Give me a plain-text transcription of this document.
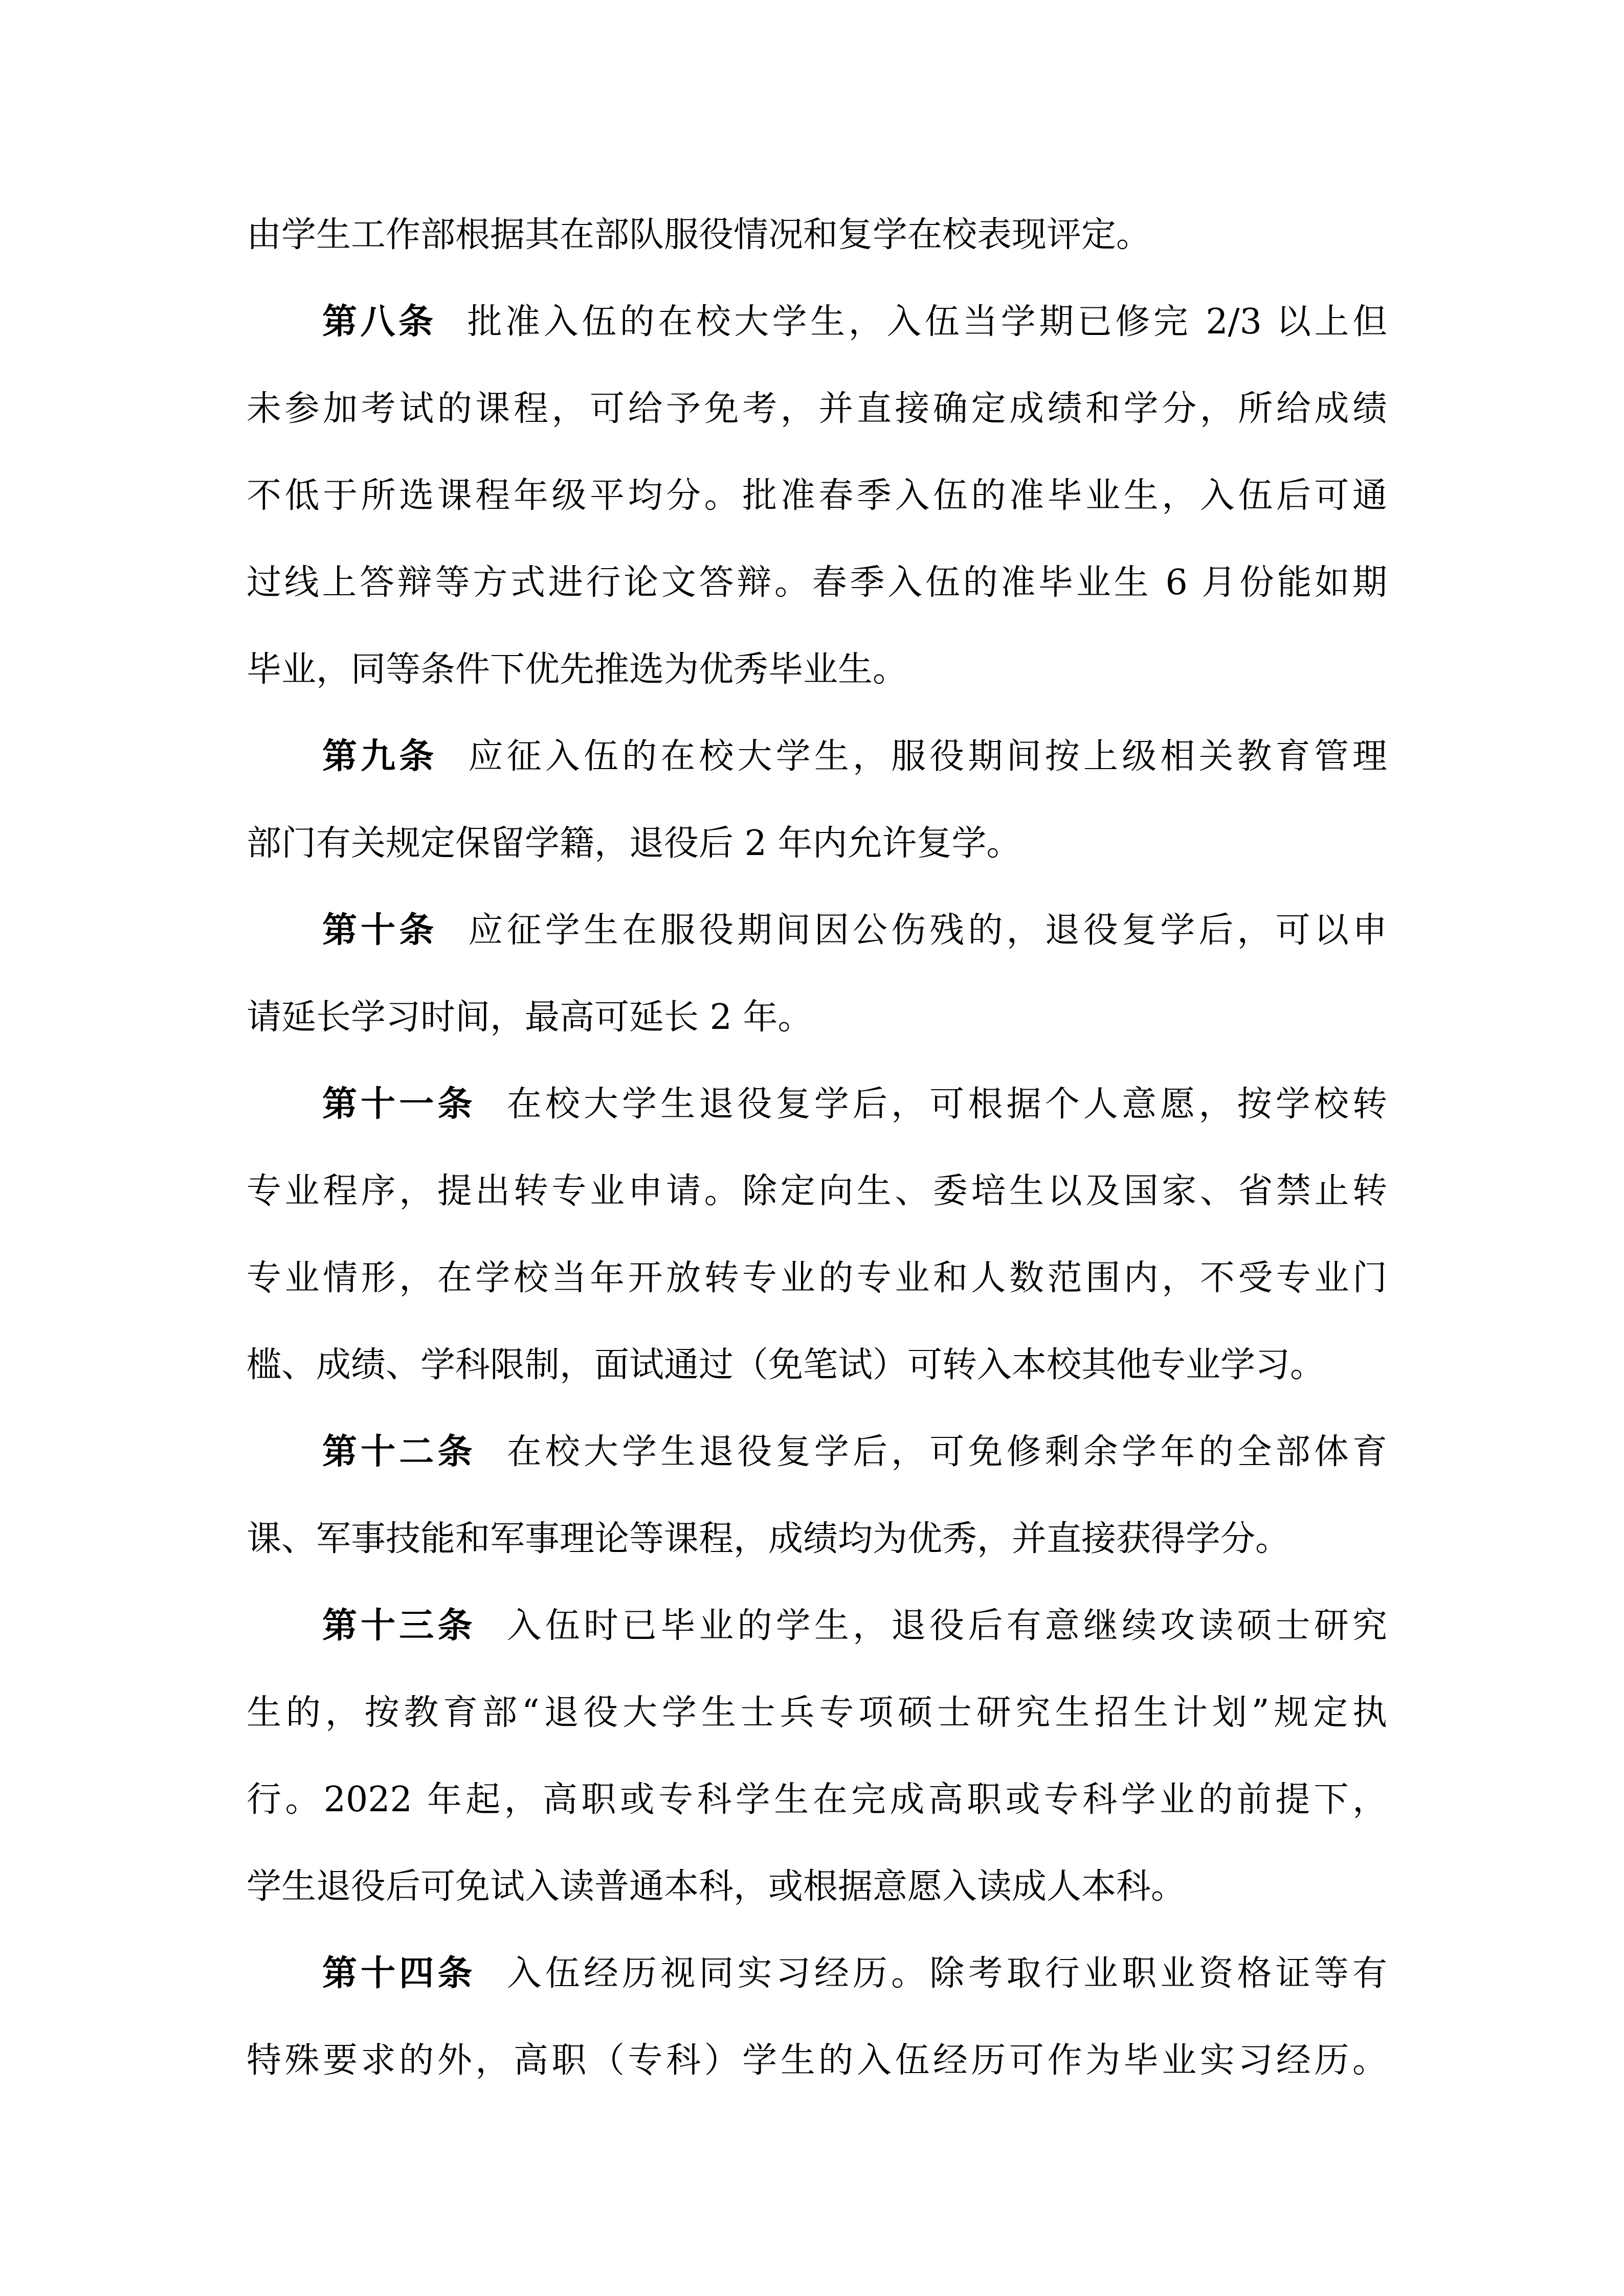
由学生工作部根据其在部队服役情况和复学在校表现评定。
第八条 批准入伍的在校大学生，入伍当学期已修完 2/3 以上但
未参加考试的课程，可给予免考，并直接确定成绩和学分，所给成绩
不低于所选课程年级平均分。批准春季入伍的准毕业生，入伍后可通
过线上答辩等方式进行论文答辩。春季入伍的准毕业生 6 月份能如期
毕业，同等条件下优先推选为优秀毕业生。
第九条 应征入伍的在校大学生，服役期间按上级相关教育管理
部门有关规定保留学籍，退役后 2 年内允许复学。
第十条 应征学生在服役期间因公伤残的，退役复学后，可以申
请延长学习时间，最高可延长 2 年。
第十一条 在校大学生退役复学后，可根据个人意愿，按学校转
专业程序，提出转专业申请。除定向生、委培生以及国家、省禁止转
专业情形，在学校当年开放转专业的专业和人数范围内，不受专业门
槛、成绩、学科限制，面试通过（免笔试）可转入本校其他专业学习。
第十二条 在校大学生退役复学后，可免修剩余学年的全部体育
课、军事技能和军事理论等课程，成绩均为优秀，并直接获得学分。
第十三条 入伍时已毕业的学生，退役后有意继续攻读硕士研究
生的，按教育部“退役大学生士兵专项硕士研究生招生计划”规定执
行。2022 年起，高职或专科学生在完成高职或专科学业的前提下，
学生退役后可免试入读普通本科，或根据意愿入读成人本科。
第十四条 入伍经历视同实习经历。除考取行业职业资格证等有
特殊要求的外，高职（专科）学生的入伍经历可作为毕业实习经历。
